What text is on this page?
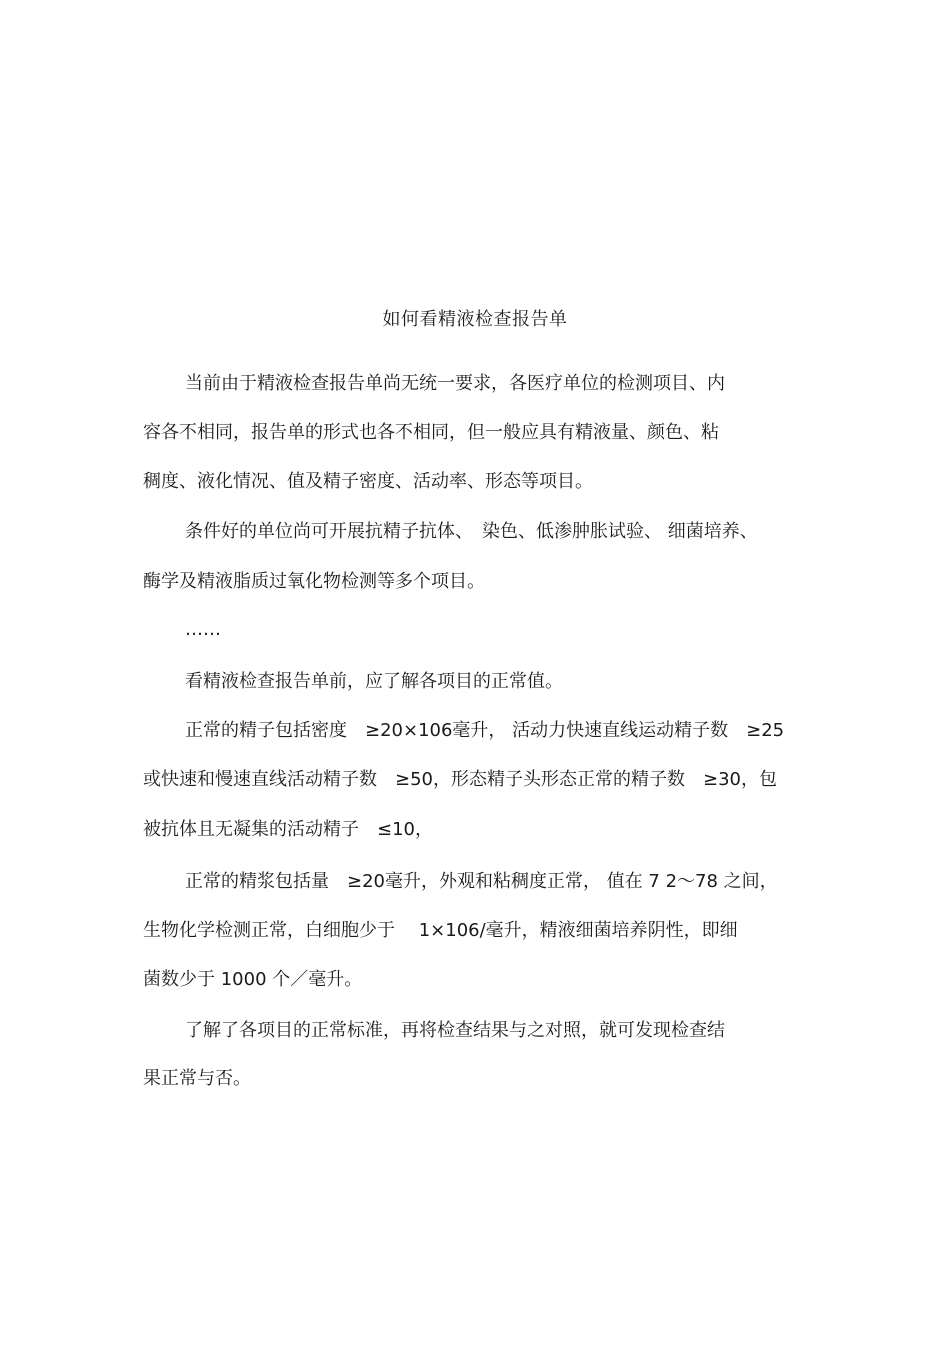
如何看精液检查报告单
当前由于精液检查报告单尚无统一要求，各医疗单位的检测项目、内
容各不相同，报告单的形式也各不相同，但一般应具有精液量、颜色、粘
稠度、液化情况、值及精子密度、活动率、形态等项目。
条件好的单位尚可开展抗精子抗体、　染色、低渗肿胀试验、 细菌培养、
酶学及精液脂质过氧化物检测等多个项目。
……
看精液检查报告单前，应了解各项目的正常值。
正常的精子包括密度　≥20×106毫升， 活动力快速直线运动精子数　≥25
或快速和慢速直线活动精子数　≥50，形态精子头形态正常的精子数　≥30，包
被抗体且无凝集的活动精子　≤10，
正常的精浆包括量　≥20毫升，外观和粘稠度正常， 值在 7 2～78 之间，
生物化学检测正常，白细胞少于　 1×106/毫升，精液细菌培养阴性，即细
菌数少于 1000 个／毫升。
了解了各项目的正常标准，再将检查结果与之对照，就可发现检查结
果正常与否。
